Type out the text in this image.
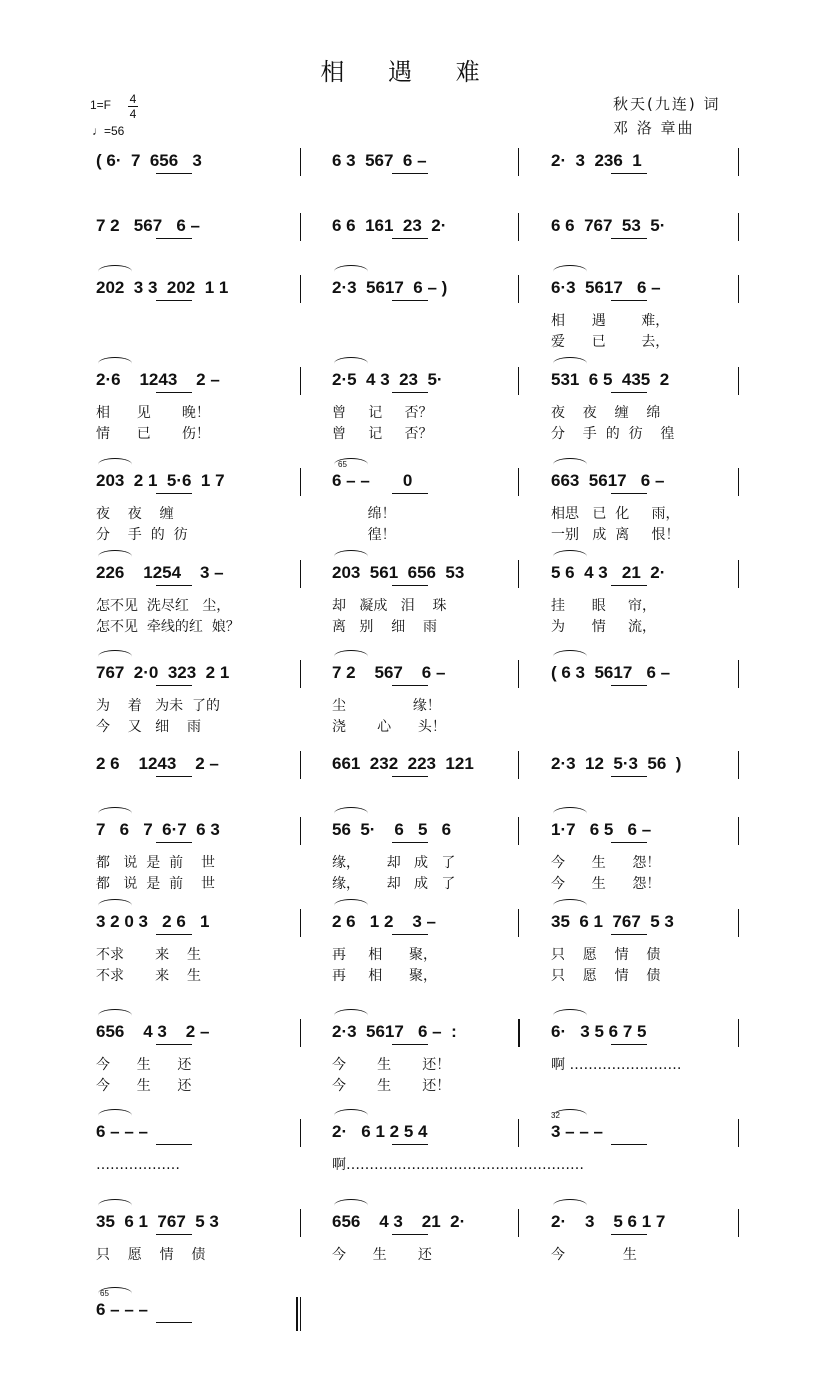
相 遇 难
1=F 4
4
♩=56
秋天(九连) 词
邓 洛 章曲
( 6·  7  656   3	6 3  567  6 –	2·  3  236  1
7 2   567   6 –	6 6  161  23  2·	6 6  767  53  5·
202  3 3  202  1 1	2·3  5617  6 – )	6·3  5617   6 –
相      遇        难，
爱      已        去，
2·6    1243    2 –
相      见       晚！
情      已       伤！
2·5  4 3  23  5·
曾     记     否？
曾     记     否？
531  6 5  435  2
夜    夜    缠    绵
分    手  的  彷    徨
203  2 1  5·6  1 7
夜    夜    缠
分    手  的  彷
6 – –       0
绵！
徨！
663  5617   6 –
相思   已  化     雨，
一别   成  离     恨！
226    1254    3 –
怎不见  洗尽红   尘，
怎不见  牵线的红  娘？
203  561  656  53
却   凝成   泪    珠
离   别    细    雨
5 6  4 3   21  2·
挂      眼     帘，
为      情     流，
767  2·0  323  2 1
为    着   为未  了的
今    又   细    雨
7 2    567    6 –
尘               缘！
浇       心      头！
( 6 3  5617   6 –
2 6    1243    2 –	661  232  223  121	2·3  12  5·3  56  )
7   6   7  6·7  6 3
都   说  是  前    世
都   说  是  前    世
56  5·    6   5   6
缘，      却   成   了
缘，      却   成   了
1·7   6 5   6 –
今      生      怨！
今      生      怨！
3 2 0 3   2 6   1
不求       来    生
不求       来    生
2 6   1 2    3 –
再     相      聚，
再     相      聚，
35  6 1  767  5 3
只    愿    情    债
只    愿    情    债
656    4 3    2 –
今      生      还
今      生      还
2·3  5617   6 –  :
今       生       还！
今       生       还！
6·   3 5 6 7 5
啊 ……………………
6 – – –
………………
2·   6 1 2 5 4
啊……………………………………………
3 – – –
35  6 1  767  5 3
只    愿    情    债
656    4 3    21  2·
今      生       还
2·    3    5 6 1 7
今             生
6 – – –
65
32
65
